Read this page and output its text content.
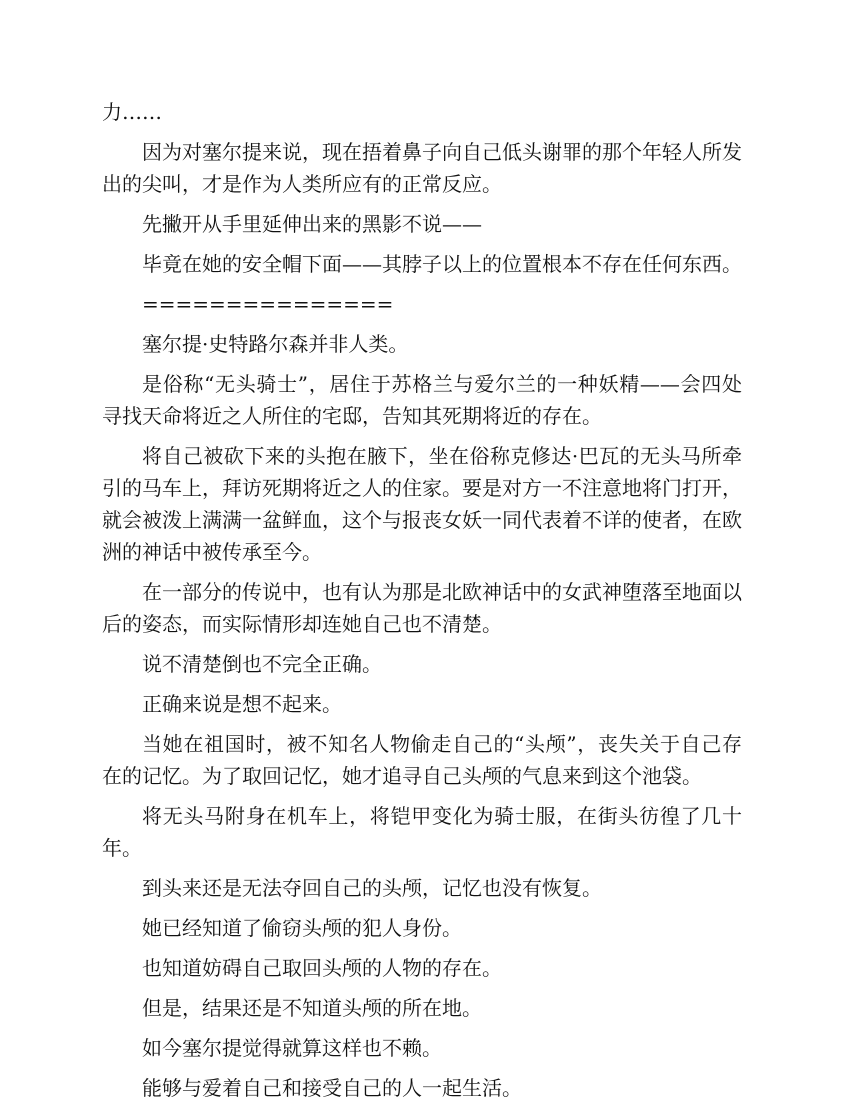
力……

因为对塞尔提来说，现在捂着鼻子向自己低头谢罪的那个年轻人所发出的尖叫，才是作为人类所应有的正常反应。

先撇开从手里延伸出来的黑影不说——

毕竟在她的安全帽下面——其脖子以上的位置根本不存在任何东西。

===============

塞尔提·史特路尔森并非人类。

是俗称“无头骑士”，居住于苏格兰与爱尔兰的一种妖精——会四处寻找天命将近之人所住的宅邸，告知其死期将近的存在。

将自己被砍下来的头抱在腋下，坐在俗称克修达·巴瓦的无头马所牵引的马车上，拜访死期将近之人的住家。要是对方一不注意地将门打开，就会被泼上满满一盆鲜血，这个与报丧女妖一同代表着不详的使者，在欧洲的神话中被传承至今。

在一部分的传说中，也有认为那是北欧神话中的女武神堕落至地面以后的姿态，而实际情形却连她自己也不清楚。

说不清楚倒也不完全正确。

正确来说是想不起来。

当她在祖国时，被不知名人物偷走自己的“头颅”，丧失关于自己存在的记忆。为了取回记忆，她才追寻自己头颅的气息来到这个池袋。

将无头马附身在机车上，将铠甲变化为骑士服，在街头彷徨了几十年。

到头来还是无法夺回自己的头颅，记忆也没有恢复。

她已经知道了偷窃头颅的犯人身份。

也知道妨碍自己取回头颅的人物的存在。

但是，结果还是不知道头颅的所在地。

如今塞尔提觉得就算这样也不赖。

能够与爱着自己和接受自己的人一起生活。
